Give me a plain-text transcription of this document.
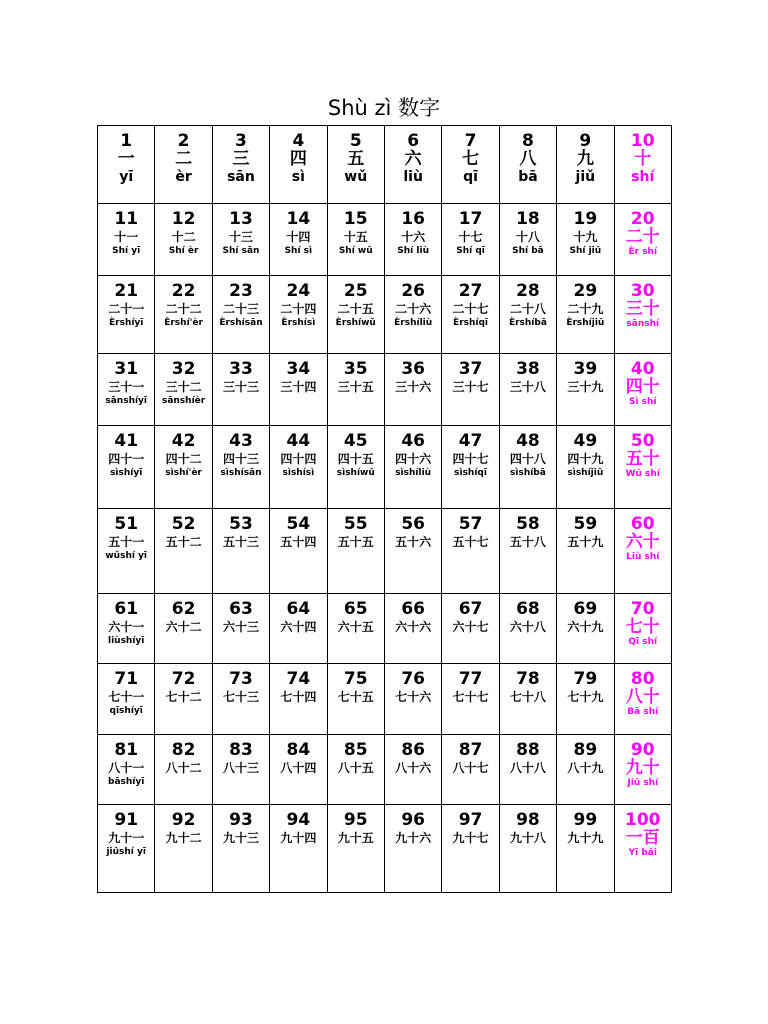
Shù zì 数字
1
一
yī	2
二
èr	3
三
sān	4
四
sì	5
五
wǔ	6
六
liù	7
七
qī	8
八
bā	9
九
jiǔ	10
十
shí

11
十一
Shí yī	12
十二
Shí èr	13
十三
Shí sān	14
十四
Shí sì	15
十五
Shí wǔ	16
十六
Shí liù	17
十七
Shí qī	18
十八
Shí bā	19
十九
Shí jiǔ	20
二十
Èr shí

21
二十一
Èrshíyī	22
二十二
Èrshí'èr	23
二十三
Èrshísān	24
二十四
Èrshísì	25
二十五
Èrshíwǔ	26
二十六
Èrshíliù	27
二十七
Èrshíqī	28
二十八
Èrshíbā	29
二十九
Èrshíjiǔ	30
三十
sānshí

31
三十一
sānshíyī	32
三十二
sānshíèr	33
三十三	34
三十四	35
三十五	36
三十六	37
三十七	38
三十八	39
三十九	40
四十
Sì shí

41
四十一
sìshíyī	42
四十二
sìshí'èr	43
四十三
sìshísān	44
四十四
sìshísì	45
四十五
sìshíwǔ	46
四十六
sìshíliù	47
四十七
sìshíqī	48
四十八
sìshíbā	49
四十九
sìshíjiǔ	50
五十
Wǔ shí

51
五十一
wǔshí yī	52
五十二	53
五十三	54
五十四	55
五十五	56
五十六	57
五十七	58
五十八	59
五十九	60
六十
Liù shí

61
六十一
liùshíyī	62
六十二	63
六十三	64
六十四	65
六十五	66
六十六	67
六十七	68
六十八	69
六十九	70
七十
Qī shí

71
七十一
qīshíyī	72
七十二	73
七十三	74
七十四	75
七十五	76
七十六	77
七十七	78
七十八	79
七十九	80
八十
Bā shí

81
八十一
bāshíyī	82
八十二	83
八十三	84
八十四	85
八十五	86
八十六	87
八十七	88
八十八	89
八十九	90
九十
Jiǔ shí

91
九十一
jiǔshí yī	92
九十二	93
九十三	94
九十四	95
九十五	96
九十六	97
九十七	98
九十八	99
九十九	100
一百
Yī bǎi
